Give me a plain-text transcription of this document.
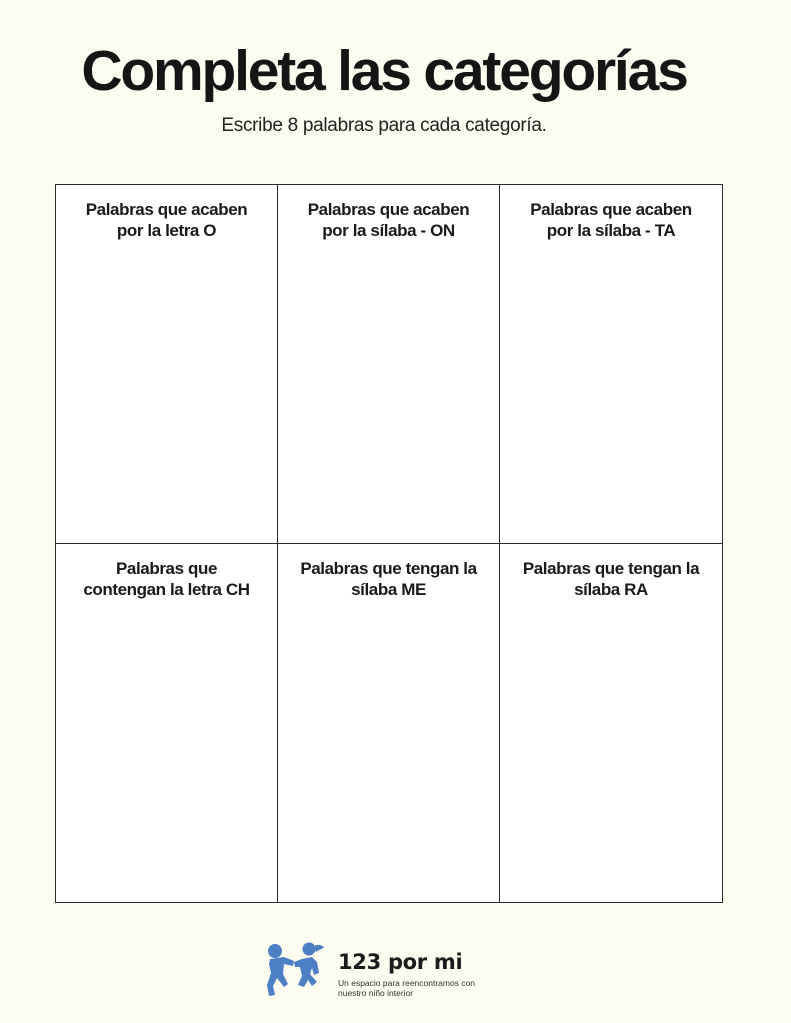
Completa las categorías
Escribe 8 palabras para cada categoría.
Palabras que acaben
por la letra O
Palabras que acaben
por la sílaba - ON
Palabras que acaben
por la sílaba - TA
Palabras que
contengan la letra CH
Palabras que tengan la
sílaba ME
Palabras que tengan la
sílaba RA
123 por mi
Un espacio para reencontramos con nuestro niño interior
